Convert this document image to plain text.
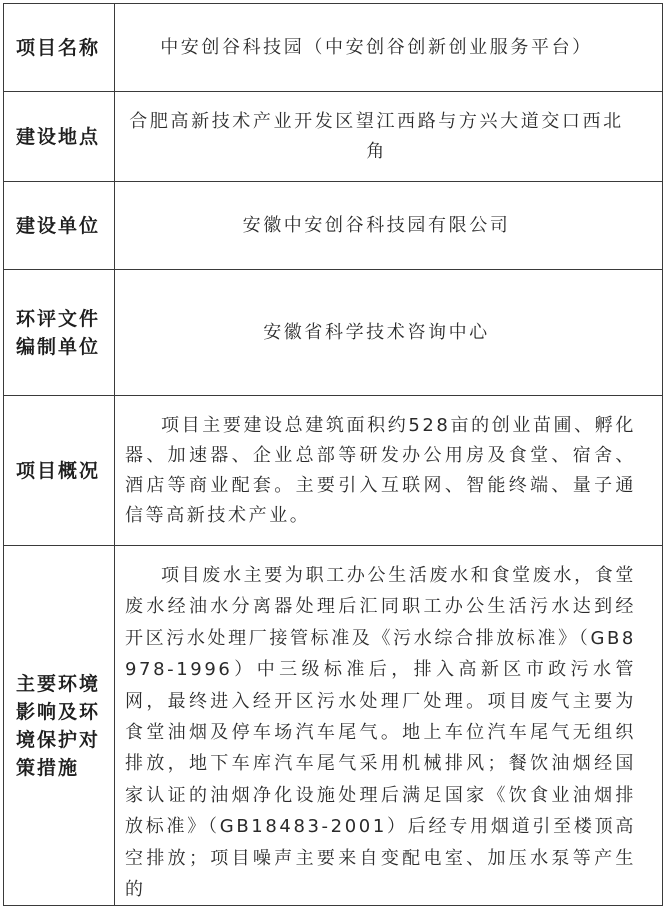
项目名称	中安创谷科技园（中安创谷创新创业服务平台）
建设地点	合肥高新技术产业开发区望江西路与方兴大道交口西北角
建设单位	安徽中安创谷科技园有限公司
环评文件编制单位	安徽省科学技术咨询中心
项目概况	项目主要建设总建筑面积约528亩的创业苗圃、孵化器、加速器、企业总部等研发办公用房及食堂、宿舍、酒店等商业配套。主要引入互联网、智能终端、量子通信等高新技术产业。

主要环境影响及环境保护对策措施	项目废水主要为职工办公生活废水和食堂废水，食堂废水经油水分离器处理后汇同职工办公生活污水达到经开区污水处理厂接管标准及《污水综合排放标准》（GB8978-1996）中三级标准后，排入高新区市政污水管网，最终进入经开区污水处理厂处理。项目废气主要为食堂油烟及停车场汽车尾气。地上车位汽车尾气无组织排放，地下车库汽车尾气采用机械排风；餐饮油烟经国家认证的油烟净化设施处理后满足国家《饮食业油烟排放标准》（GB18483-2001）后经专用烟道引至楼顶高空排放；项目噪声主要来自变配电室、加压水泵等产生的
